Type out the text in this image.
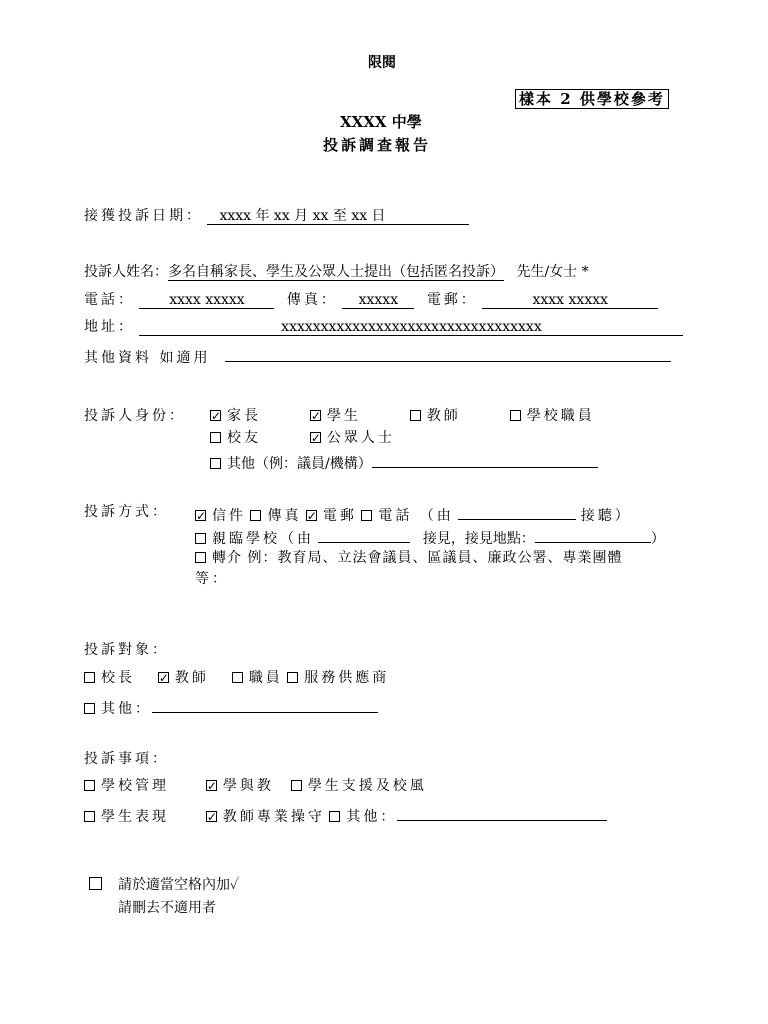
限閱
樣本 2 供學校參考
XXXX 中學
投訴調查報告
接獲投訴日期： xxxx 年 xx 月 xx 至 xx 日
投訴人姓名：多名自稱家長、學生及公眾人士提出（包括匿名投訴） 先生/女士 *
電話： xxxx xxxxx	傳真： xxxxx 電郵：	xxxx xxxxx
地址：	xxxxxxxxxxxxxxxxxxxxxxxxxxxxxxxxx
其他資料 如適用
投訴人身份： ✓	家長 ✓	學生	教師	學校職員
校友 ✓	公眾人士
其他（例：議員/機構）
投訴方式： ✓	信件 傳真 ✓ 電郵 電話 （由	接聽）
親臨學校（由	接見，接見地點：	）
轉介 例：教育局、立法會議員、區議員、廉政公署、專業團體
等：
投訴對象：
校長 ✓	教師	職員 服務供應商
其他：
投訴事項：
學校管理 ✓	學與教 學生支援及校風
學生表現 ✓	教師專業操守 其他：
請於適當空格內加✓
請刪去不適用者
